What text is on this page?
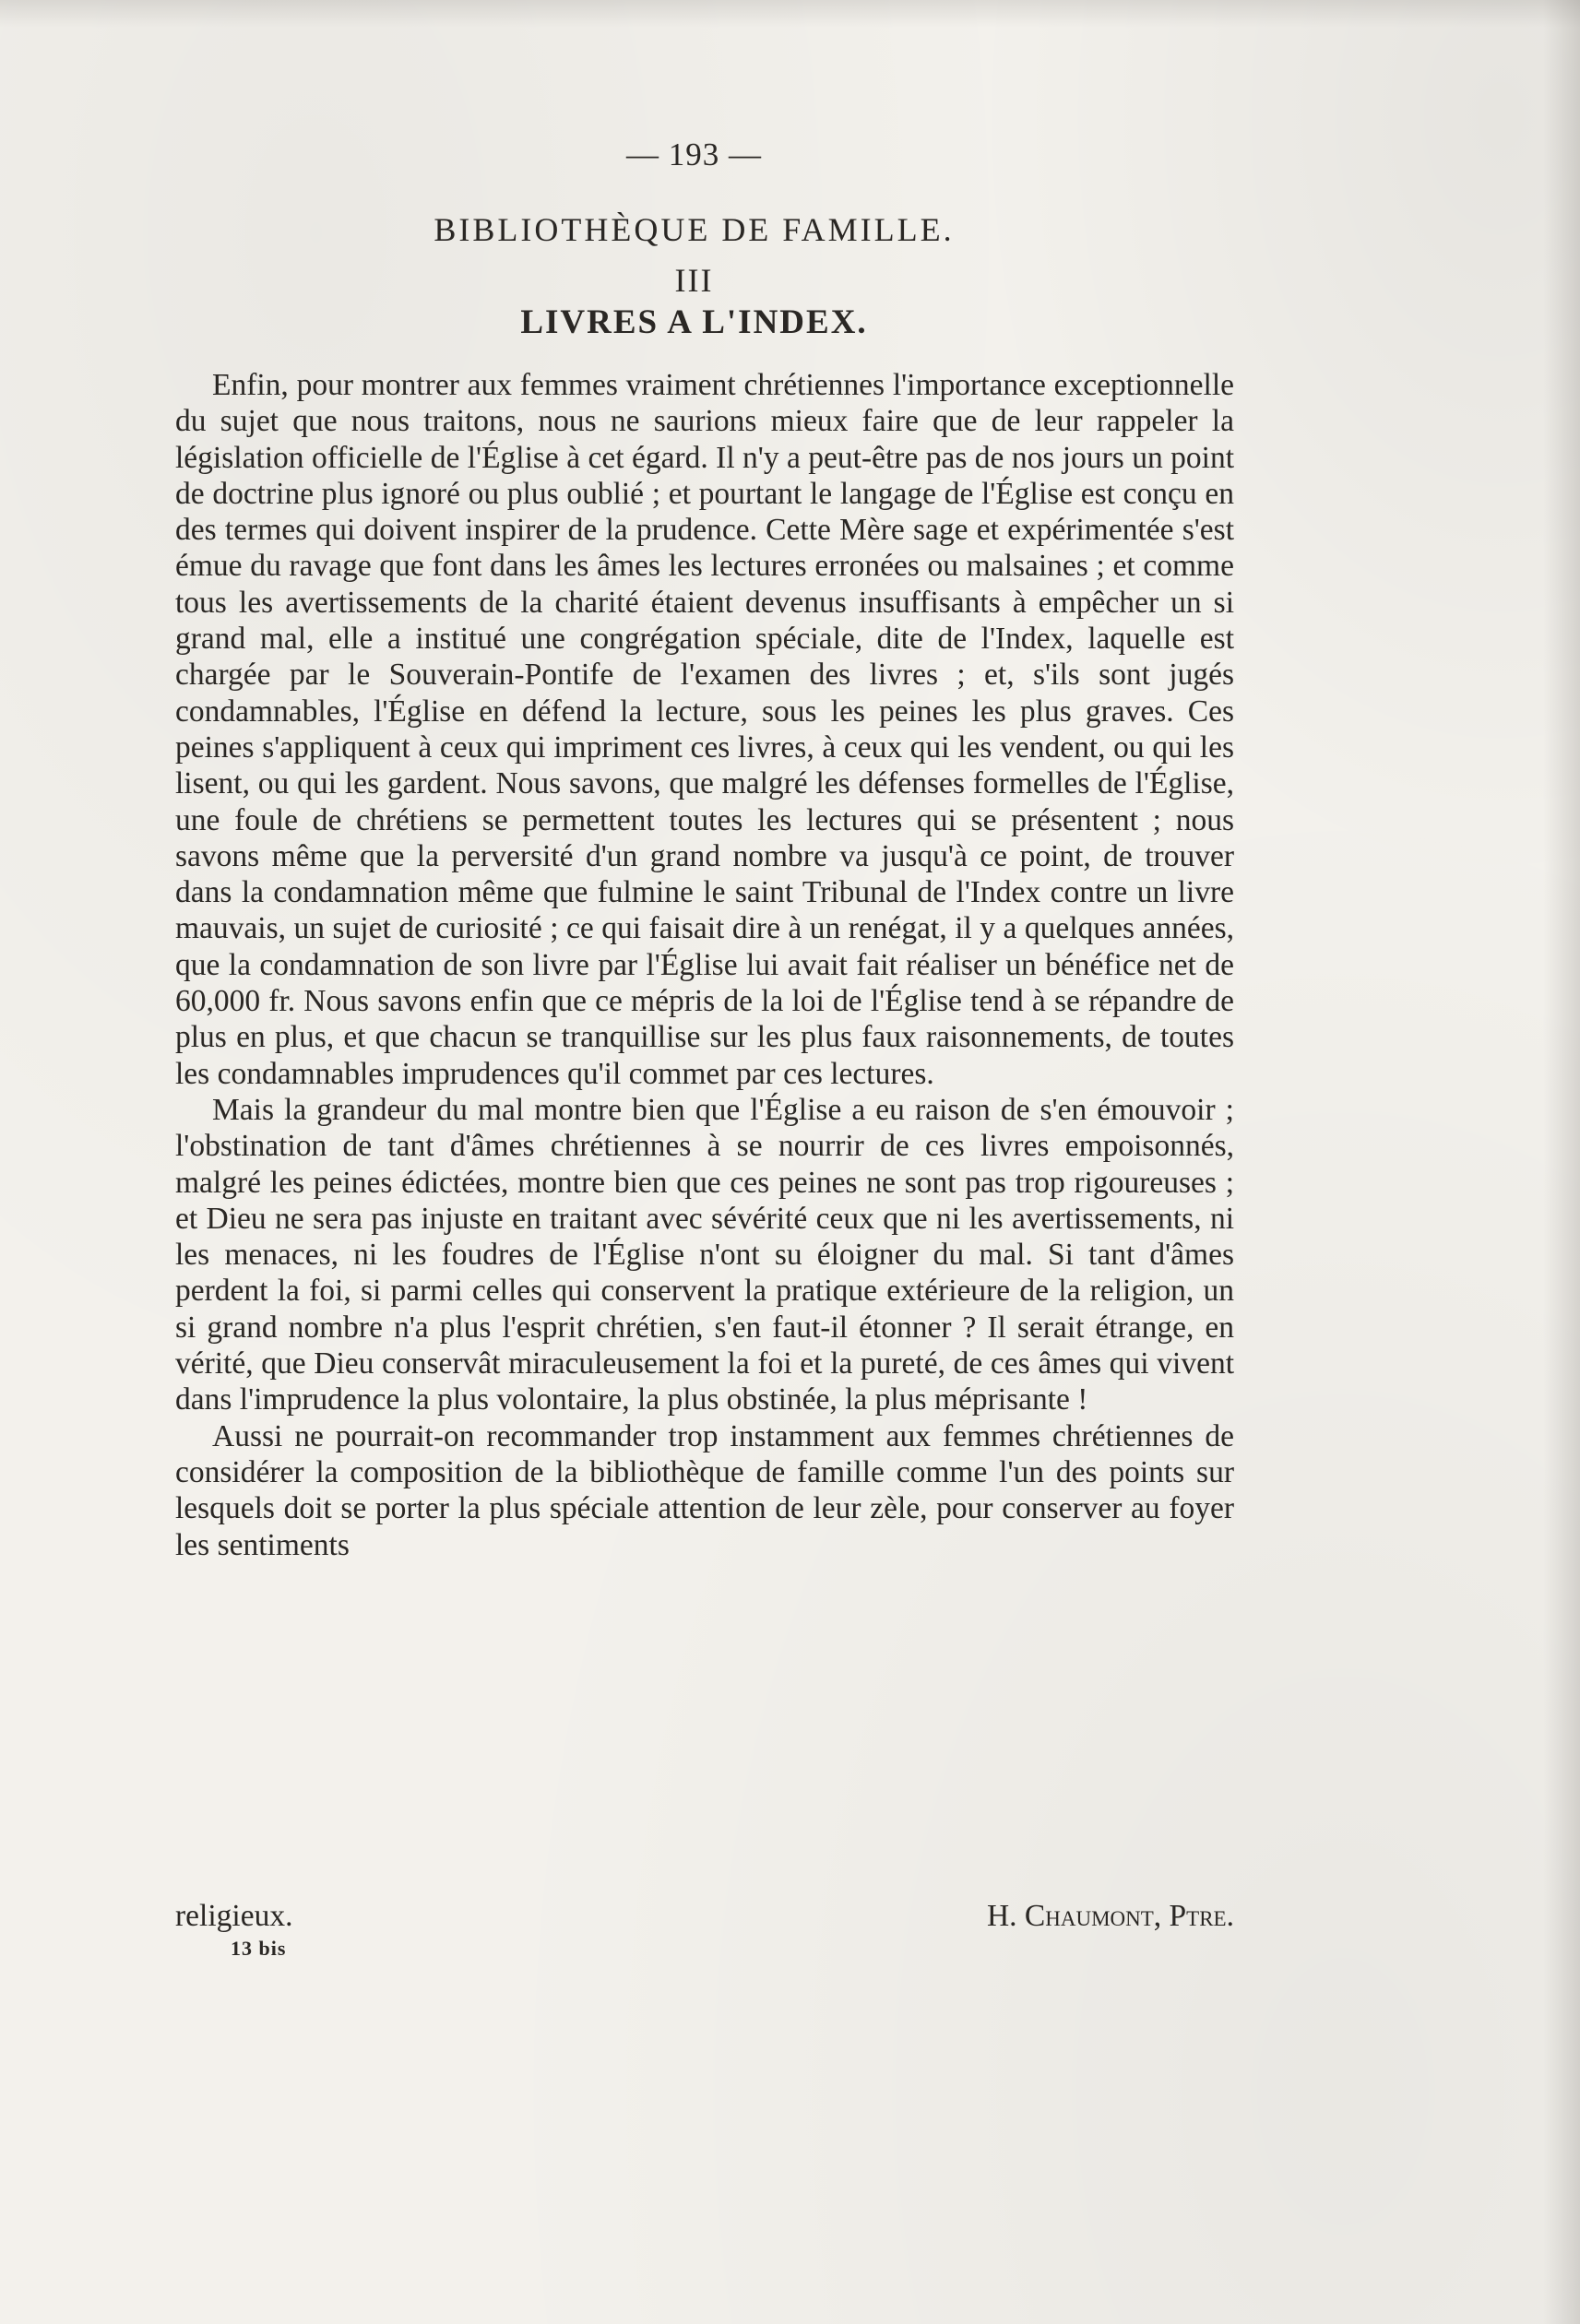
— 193 —
BIBLIOTHÈQUE DE FAMILLE.
III
LIVRES A L'INDEX.

Enfin, pour montrer aux femmes vraiment chrétiennes l'importance exceptionnelle du sujet que nous traitons, nous ne saurions mieux faire que de leur rappeler la législation officielle de l'Église à cet égard. Il n'y a peut-être pas de nos jours un point de doctrine plus ignoré ou plus oublié ; et pourtant le langage de l'Église est conçu en des termes qui doivent inspirer de la prudence. Cette Mère sage et expérimentée s'est émue du ravage que font dans les âmes les lectures erronées ou malsaines ; et comme tous les avertissements de la charité étaient devenus insuffisants à empêcher un si grand mal, elle a institué une congrégation spéciale, dite de l'Index, laquelle est chargée par le Souverain-Pontife de l'examen des livres ; et, s'ils sont jugés condamnables, l'Église en défend la lecture, sous les peines les plus graves. Ces peines s'appliquent à ceux qui impriment ces livres, à ceux qui les vendent, ou qui les lisent, ou qui les gardent. Nous savons, que malgré les défenses formelles de l'Église, une foule de chrétiens se permettent toutes les lectures qui se présentent ; nous savons même que la perversité d'un grand nombre va jusqu'à ce point, de trouver dans la condamnation même que fulmine le saint Tribunal de l'Index contre un livre mauvais, un sujet de curiosité ; ce qui faisait dire à un renégat, il y a quelques années, que la condamnation de son livre par l'Église lui avait fait réaliser un bénéfice net de 60,000 fr. Nous savons enfin que ce mépris de la loi de l'Église tend à se répandre de plus en plus, et que chacun se tranquillise sur les plus faux raisonnements, de toutes les condamnables imprudences qu'il commet par ces lectures.

Mais la grandeur du mal montre bien que l'Église a eu raison de s'en émouvoir ; l'obstination de tant d'âmes chrétiennes à se nourrir de ces livres empoisonnés, malgré les peines édictées, montre bien que ces peines ne sont pas trop rigoureuses ; et Dieu ne sera pas injuste en traitant avec sévérité ceux que ni les avertissements, ni les menaces, ni les foudres de l'Église n'ont su éloigner du mal. Si tant d'âmes perdent la foi, si parmi celles qui conservent la pratique extérieure de la religion, un si grand nombre n'a plus l'esprit chrétien, s'en faut-il étonner ? Il serait étrange, en vérité, que Dieu conservât miraculeusement la foi et la pureté, de ces âmes qui vivent dans l'imprudence la plus volontaire, la plus obstinée, la plus méprisante !

Aussi ne pourrait-on recommander trop instamment aux femmes chrétiennes de considérer la composition de la bibliothèque de famille comme l'un des points sur lesquels doit se porter la plus spéciale attention de leur zèle, pour conserver au foyer les sentiments

religieux.	H. Chaumont, Ptre.
13 bis
